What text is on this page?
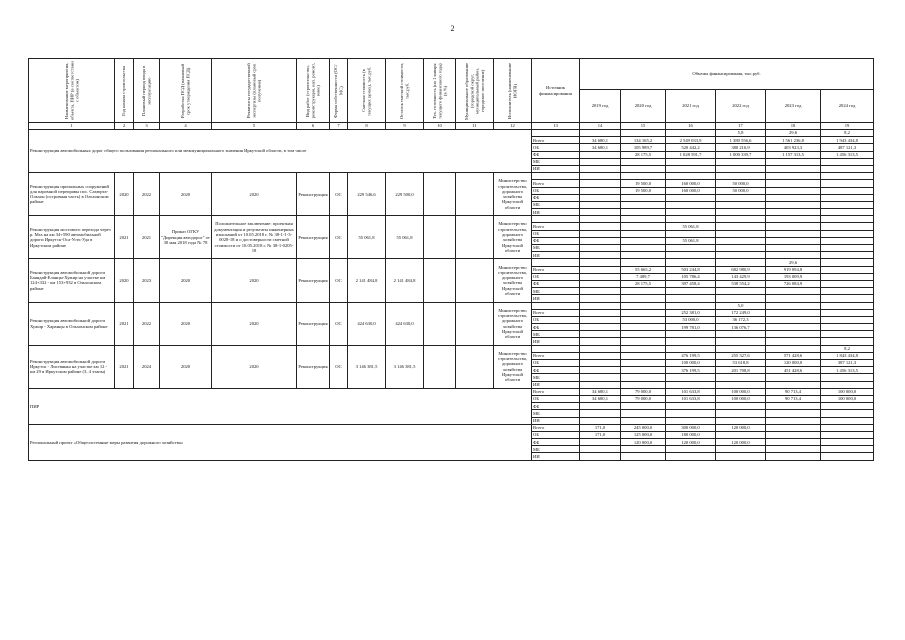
2
Наименование мероприятия, объекта, ПИР (в соответствии с объектом)	Год начала строительства	Плановый период ввода в эксплуатацию	Разработка ПСД (плановый срок утверждения ПСД)	Реквизиты государственной экспертизы (плановый срок получения)	Вид работ (строительство, реконструкция, кап. ремонт, иное)	Форма собственности (ОС/МС)	Сметная стоимость (в текущих ценах), тыс.руб.	Остаток сметной стоимости, тыс.руб.	Тех. готовность (на 1 января текущего финансового года) (в %)	Муниципальное образование (городской округ, муниципальный район, городское поселение)	Исполнитель (наименование ИОГВ)	Источник финансирования	Объемы финансирования, тыс.руб.					
													2019 год	2020 год	2021 год	2022 год	2023 год	2024 год
1	2	3	4	5	6	7	8	9	10	11	12	13	14	15	16	17	18	19
Реконструкция автомобильных дорог общего пользования регионального или межмуниципального значения Иркутской области, в том числе																5,8	29,6	8,2
												Всего	34 680,1	134 165,2	2 549 033,9	1 380 556,6	1 561 236,8	1 943 434,8
												ОБ	34 680,1	105 989,7	520 442,2	380 216,9	403 923,3	487 121,3
												ФБ		28 175,5	1 028 591,7	1 000 339,7	1 157 313,5	1 456 313,5
												МБ						
												ИИ						
Реконструкция причальных сооружений для паромной переправы пос. Сахюрта-Ольхон (островная часть) в Ольхонском районе	2020	2022	2020	2020	Реконструкция	ОС	229 546,6	229 500,0			Министерство строительства, дорожного хозяйства Иркутской области							
												Всего		19 500,0	160 000,0	50 000,0		
												ОБ		19 500,0	160 000,0	50 000,0		
												ФБ						
												МБ						
												ИИ						
Реконструкция мостового перехода через р. Мга на км 34+590 автомобильной дороги Иркутск-Оса-Усть-Уда в Иркутском районе	2021	2021	Приказ ОГКУ "Дирекция автодорог" от 30 мая 2018 года № 78	Положительное заключение: проектная документация и результаты инженерных изысканий от 10.05.2018 г. № 38-1-1-3-0028-18 и о достоверности сметной стоимости от 10.05.2018 г. № 38-1-0205-18	Реконструкция	ОС	55 061,8	55 061,8			Министерство строительства, дорожного хозяйства Иркутской области							
												Всего			55 061,8			
												ОБ						
												ФБ			55 061,8			
												МБ						
												ИИ						
Реконструкция автомобильной дороги Баяндай-Еланцы-Хужир на участке км 124+332 - км 153+932 в Ольхонском районе	2020	2023	2020	2020	Реконструкция	ОС	2 141 484,8	2 141 484,8			Министерство строительства, дорожного хозяйства Иркутской области						29,6	
												Всего		55 665,2	503 244,8	682 980,9	919 094,8	
												ОБ		7 489,7	105 786,4	143 429,9	193 009,9	
												ФБ		28 175,5	397 458,4	538 554,2	726 084,9	
												МБ						
												ИИ						
Реконструкция автомобильной дороги Хужир - Харанцы в Ольхонском районе	2021	2022	2020	2020	Реконструкция	ОС	424 630,0	424 630,0			Министерство строительства, дорожного хозяйства Иркутской области					5,0		
												Всего			252 381,0	172 249,0		
												ОБ			53 000,0	36 172,3		
												ФБ			199 781,0	136 076,7		
												МБ						
												ИИ						
Реконструкция автомобильной дороги Иркутск - Листвянка на участке км 12 - км 29 в Иркутском районе (3, 4 этапы)	2021	2024	2020	2020	Реконструкция	ОС	3 146 381,5	3 146 381,5			Министерство строительства, дорожного хозяйства Иркутской области							8,2
												Всего			476 199,5	255 327,6	571 428,6	1 843 434,8
												ОБ			100 000,0	53 618,8	120 000,0	387 121,3
												ФБ			376 199,5	201 708,8	451 428,6	1 456 313,5
												МБ						
												ИИ						
ПИР												Всего	34 680,1	79 000,0	101 633,8	100 000,0	90 713,4	100 000,0
												ОБ	34 680,1	79 000,0	101 633,8	100 000,0	90 713,4	100 000,0
												ФБ						
												МБ						
												ИИ						
Региональный проект «Общесистемные меры развития дорожного хозяйства»												Всего	171,0	245 000,0	300 000,0	120 000,0		
												ОБ	171,0	125 000,0	180 000,0			
												ФБ		120 000,0	120 000,0	120 000,0		
												МБ						
												ИИ						
